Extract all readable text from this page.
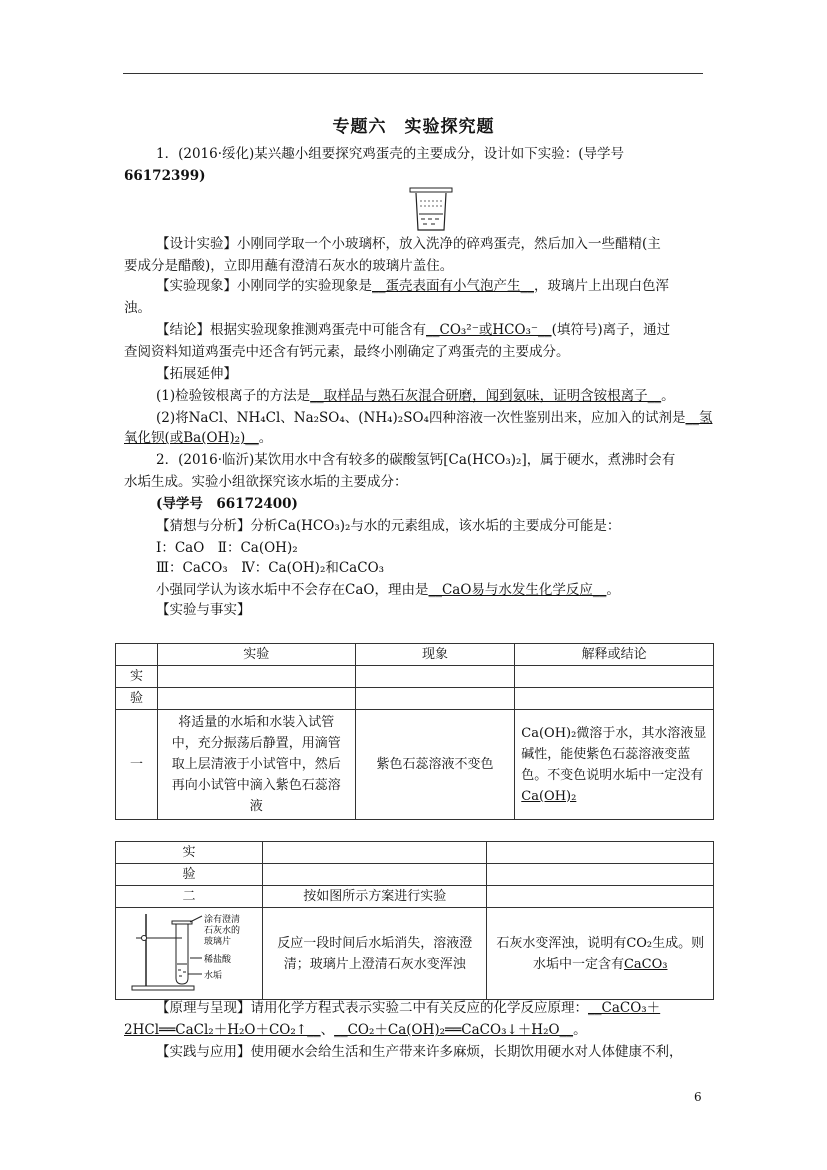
专题六　实验探究题
1．(2016·绥化)某兴趣小组要探究鸡蛋壳的主要成分，设计如下实验：(导学号
66172399)
【设计实验】小刚同学取一个小玻璃杯，放入洗净的碎鸡蛋壳，然后加入一些醋精(主
要成分是醋酸)，立即用蘸有澄清石灰水的玻璃片盖住。
【实验现象】小刚同学的实验现象是__蛋壳表面有小气泡产生__，玻璃片上出现白色浑
浊。
【结论】根据实验现象推测鸡蛋壳中可能含有__CO₃²⁻或HCO₃⁻__(填符号)离子，通过
查阅资料知道鸡蛋壳中还含有钙元素，最终小刚确定了鸡蛋壳的主要成分。
【拓展延伸】
(1)检验铵根离子的方法是__取样品与熟石灰混合研磨，闻到氨味，证明含铵根离子__。
(2)将NaCl、NH₄Cl、Na₂SO₄、(NH₄)₂SO₄四种溶液一次性鉴别出来，应加入的试剂是__氢
氧化钡(或Ba(OH)₂)__。
2．(2016·临沂)某饮用水中含有较多的碳酸氢钙[Ca(HCO₃)₂]，属于硬水，煮沸时会有
水垢生成。实验小组欲探究该水垢的主要成分：
(导学号　66172400)
【猜想与分析】分析Ca(HCO₃)₂与水的元素组成，该水垢的主要成分可能是：
Ⅰ：CaO　Ⅱ：Ca(OH)₂
Ⅲ：CaCO₃　Ⅳ：Ca(OH)₂和CaCO₃
小强同学认为该水垢中不会存在CaO，理由是__CaO易与水发生化学反应__。
【实验与事实】
	实验	现象	解释或结论
实			
验			
一	将适量的水垢和水装入试管中，充分振荡后静置，用滴管取上层清液于小试管中，然后再向小试管中滴入紫色石蕊溶液	紫色石蕊溶液不变色	Ca(OH)₂微溶于水，其水溶液显碱性，能使紫色石蕊溶液变蓝色。不变色说明水垢中一定没有Ca(OH)₂
实		
验		
二	按如图所示方案进行实验	

涂有澄清
石灰水的
玻璃片
稀盐酸
水垢	反应一段时间后水垢消失，溶液澄清；玻璃片上澄清石灰水变浑浊	石灰水变浑浊，说明有CO₂生成。则水垢中一定含有CaCO₃
【原理与呈现】请用化学方程式表示实验二中有关反应的化学反应原理：__CaCO₃＋
2HCl══CaCl₂＋H₂O＋CO₂↑__、__CO₂＋Ca(OH)₂══CaCO₃↓＋H₂O__。
【实践与应用】使用硬水会给生活和生产带来许多麻烦，长期饮用硬水对人体健康不利，
6
